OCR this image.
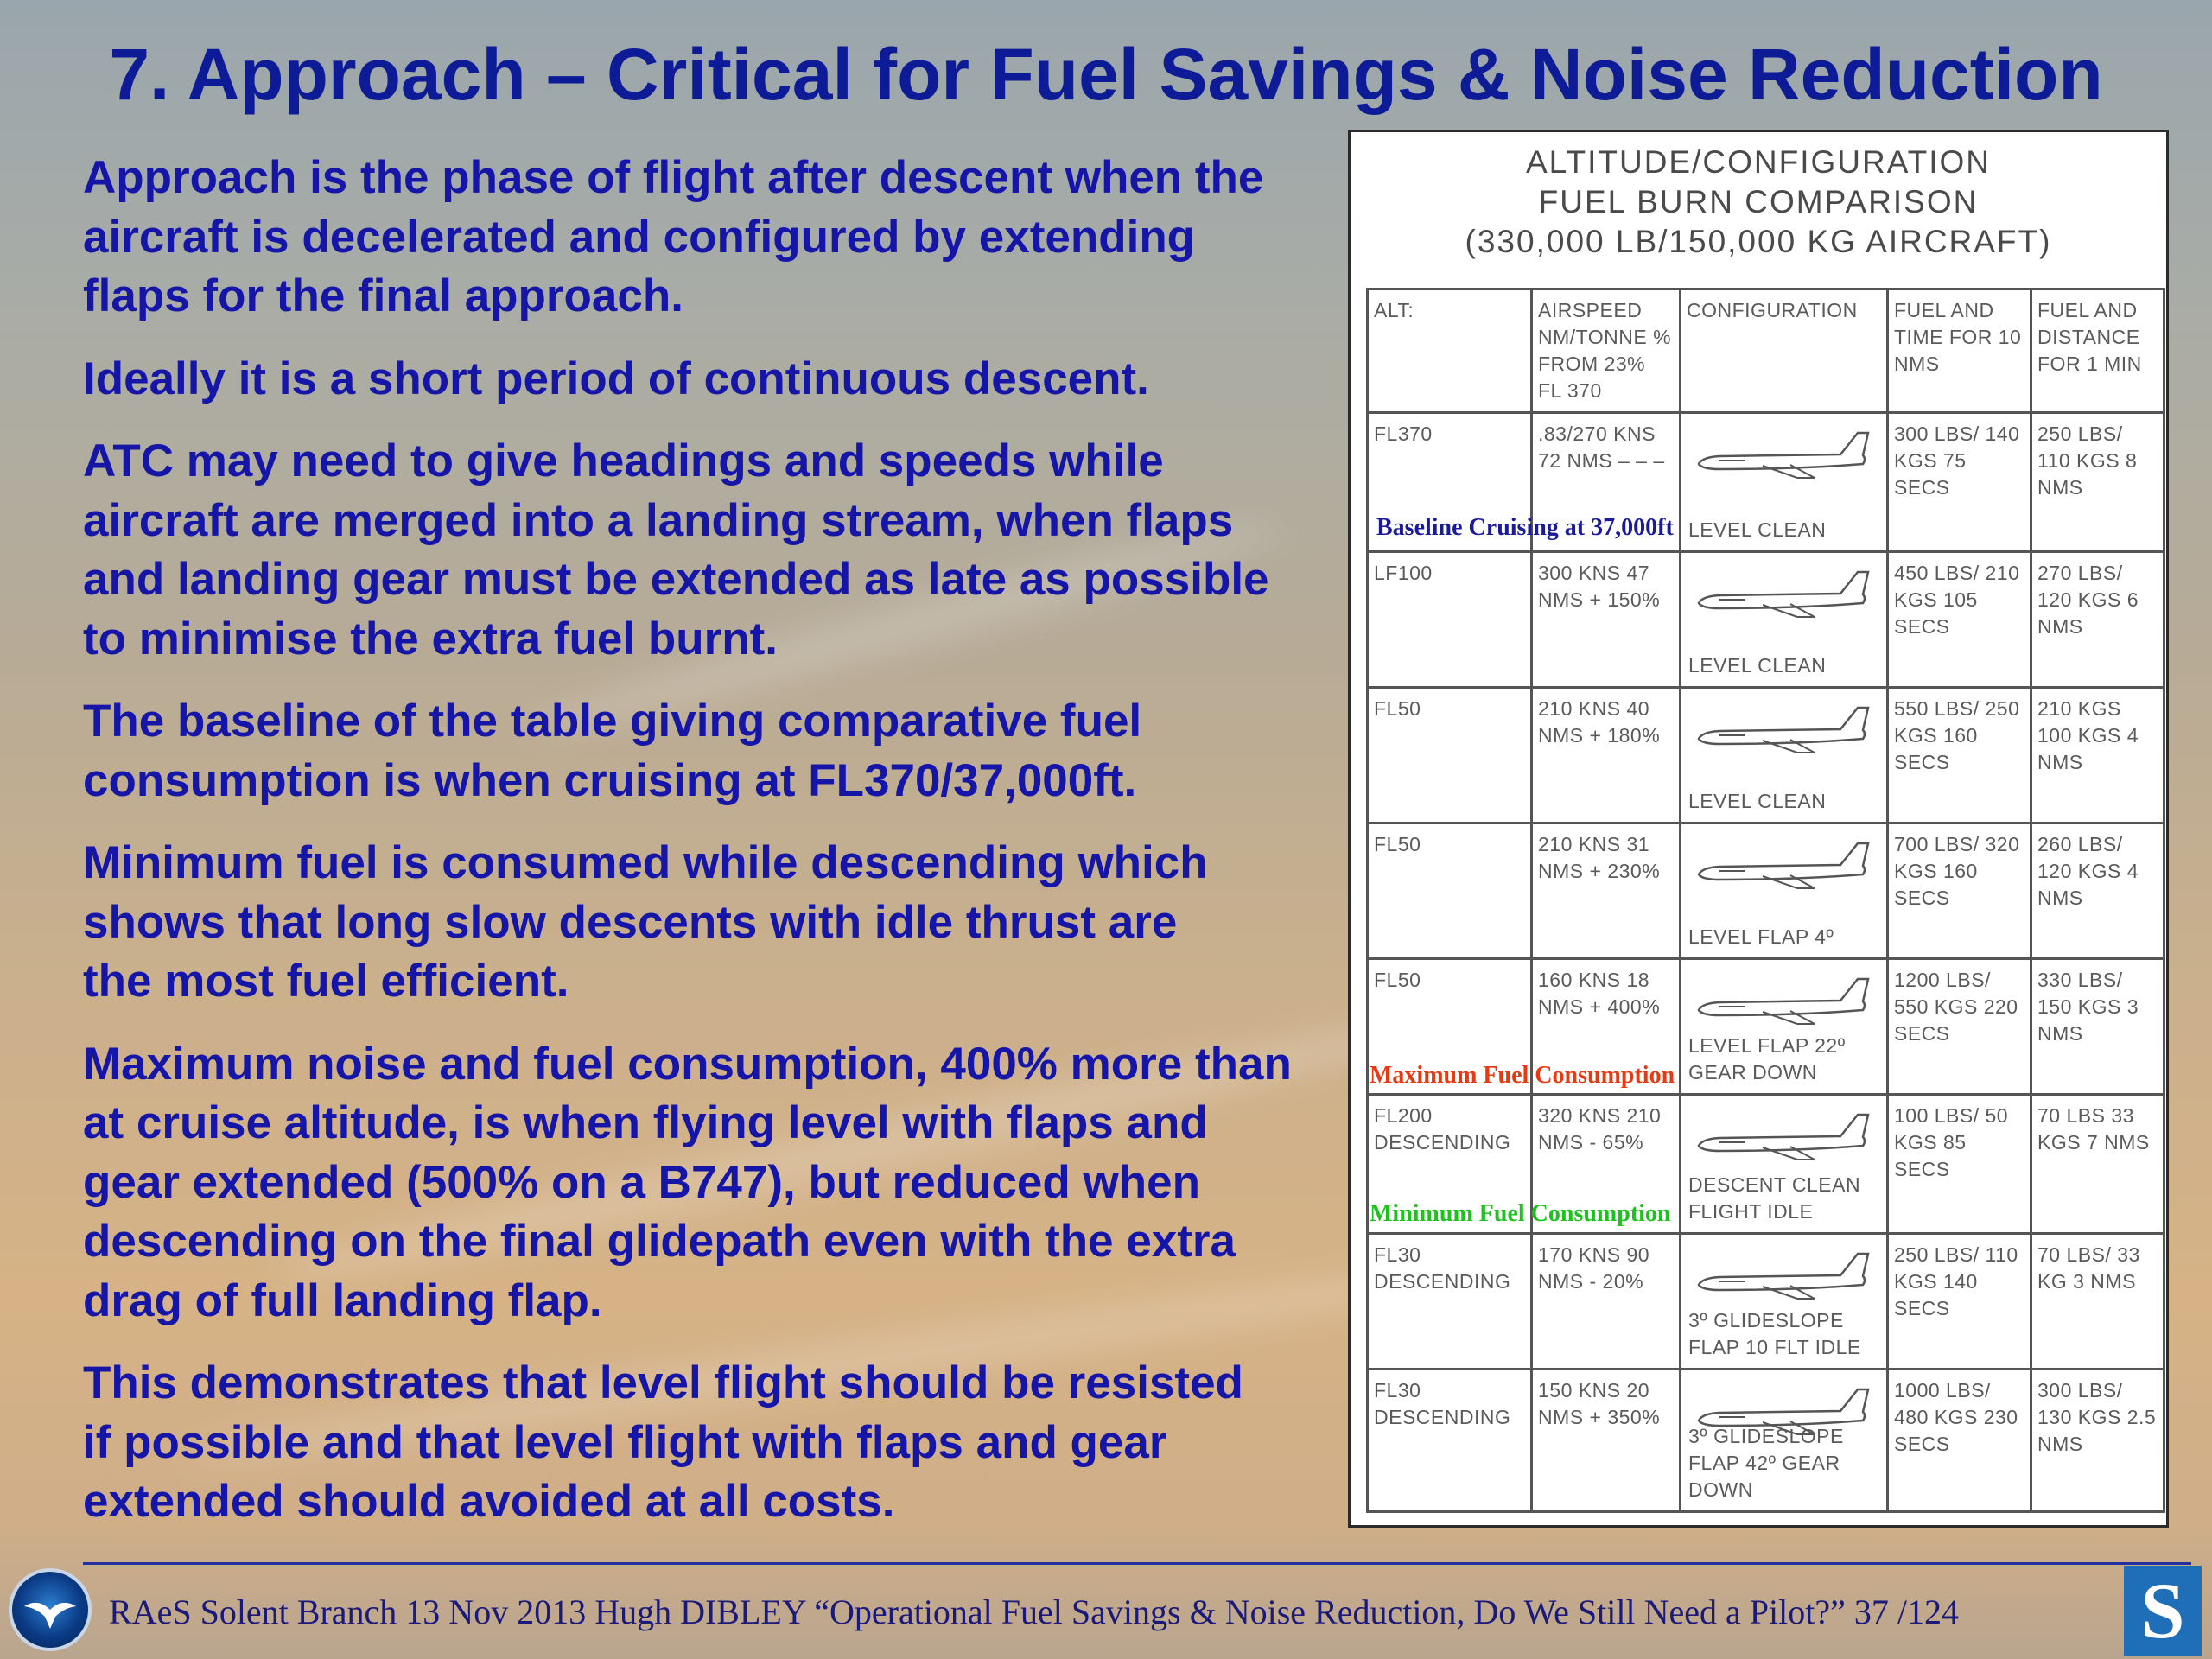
7. Approach – Critical for Fuel Savings & Noise Reduction

Approach is the phase of flight after descent when the aircraft is decelerated and configured by extending flaps for the final approach.

Ideally it is a short period of continuous descent.

ATC may need to give headings and speeds while aircraft are merged into a landing stream, when flaps and landing gear must be extended as late as possible to minimise the extra fuel burnt.

The baseline of the table giving comparative fuel consumption is when cruising at FL370/37,000ft.

Minimum fuel is consumed while descending which shows that long slow descents with idle thrust are the most fuel efficient.

Maximum noise and fuel consumption, 400% more than at cruise altitude, is when flying level with flaps and gear extended (500% on a B747), but reduced when descending on the final glidepath even with the extra drag of full landing flap.

This demonstrates that level flight should be resisted if possible and that level flight with flaps and gear extended should avoided at all costs.

ALTITUDE/CONFIGURATION
FUEL BURN COMPARISON
(330,000 LB/150,000 KG AIRCRAFT)
ALT:	AIRSPEED NM/TONNE % FROM 23% FL 370	CONFIGURATION	FUEL AND TIME FOR 10 NMS	FUEL AND DISTANCE FOR 1 MIN
FL370	.83/270 KNS 72 NMS – – –	LEVEL CLEAN	300 LBS/ 140 KGS 75 SECS	250 LBS/ 110 KGS 8 NMS
LF100	300 KNS 47 NMS + 150%	LEVEL CLEAN	450 LBS/ 210 KGS 105 SECS	270 LBS/ 120 KGS 6 NMS
FL50	210 KNS 40 NMS + 180%	LEVEL CLEAN	550 LBS/ 250 KGS 160 SECS	210 KGS 100 KGS 4 NMS
FL50	210 KNS 31 NMS + 230%	LEVEL FLAP 4º	700 LBS/ 320 KGS 160 SECS	260 LBS/ 120 KGS 4 NMS
FL50	160 KNS 18 NMS + 400%	LEVEL FLAP 22º GEAR DOWN	1200 LBS/ 550 KGS 220 SECS	330 LBS/ 150 KGS 3 NMS
FL200 DESCENDING	320 KNS 210 NMS - 65%	DESCENT CLEAN FLIGHT IDLE	100 LBS/ 50 KGS 85 SECS	70 LBS 33 KGS 7 NMS
FL30 DESCENDING	170 KNS 90 NMS - 20%	3º GLIDESLOPE FLAP 10 FLT IDLE	250 LBS/ 110 KGS 140 SECS	70 LBS/ 33 KG 3 NMS
FL30 DESCENDING	150 KNS 20 NMS + 350%	3º GLIDESLOPE FLAP 42º GEAR DOWN	1000 LBS/ 480 KGS 230 SECS	300 LBS/ 130 KGS 2.5 NMS
Baseline Cruising at 37,000ft
Maximum Fuel Consumption
Minimum Fuel Consumption
RAeS Solent Branch 13 Nov 2013 Hugh DIBLEY “Operational Fuel Savings & Noise Reduction, Do We Still Need a Pilot?” 37 /124	S
